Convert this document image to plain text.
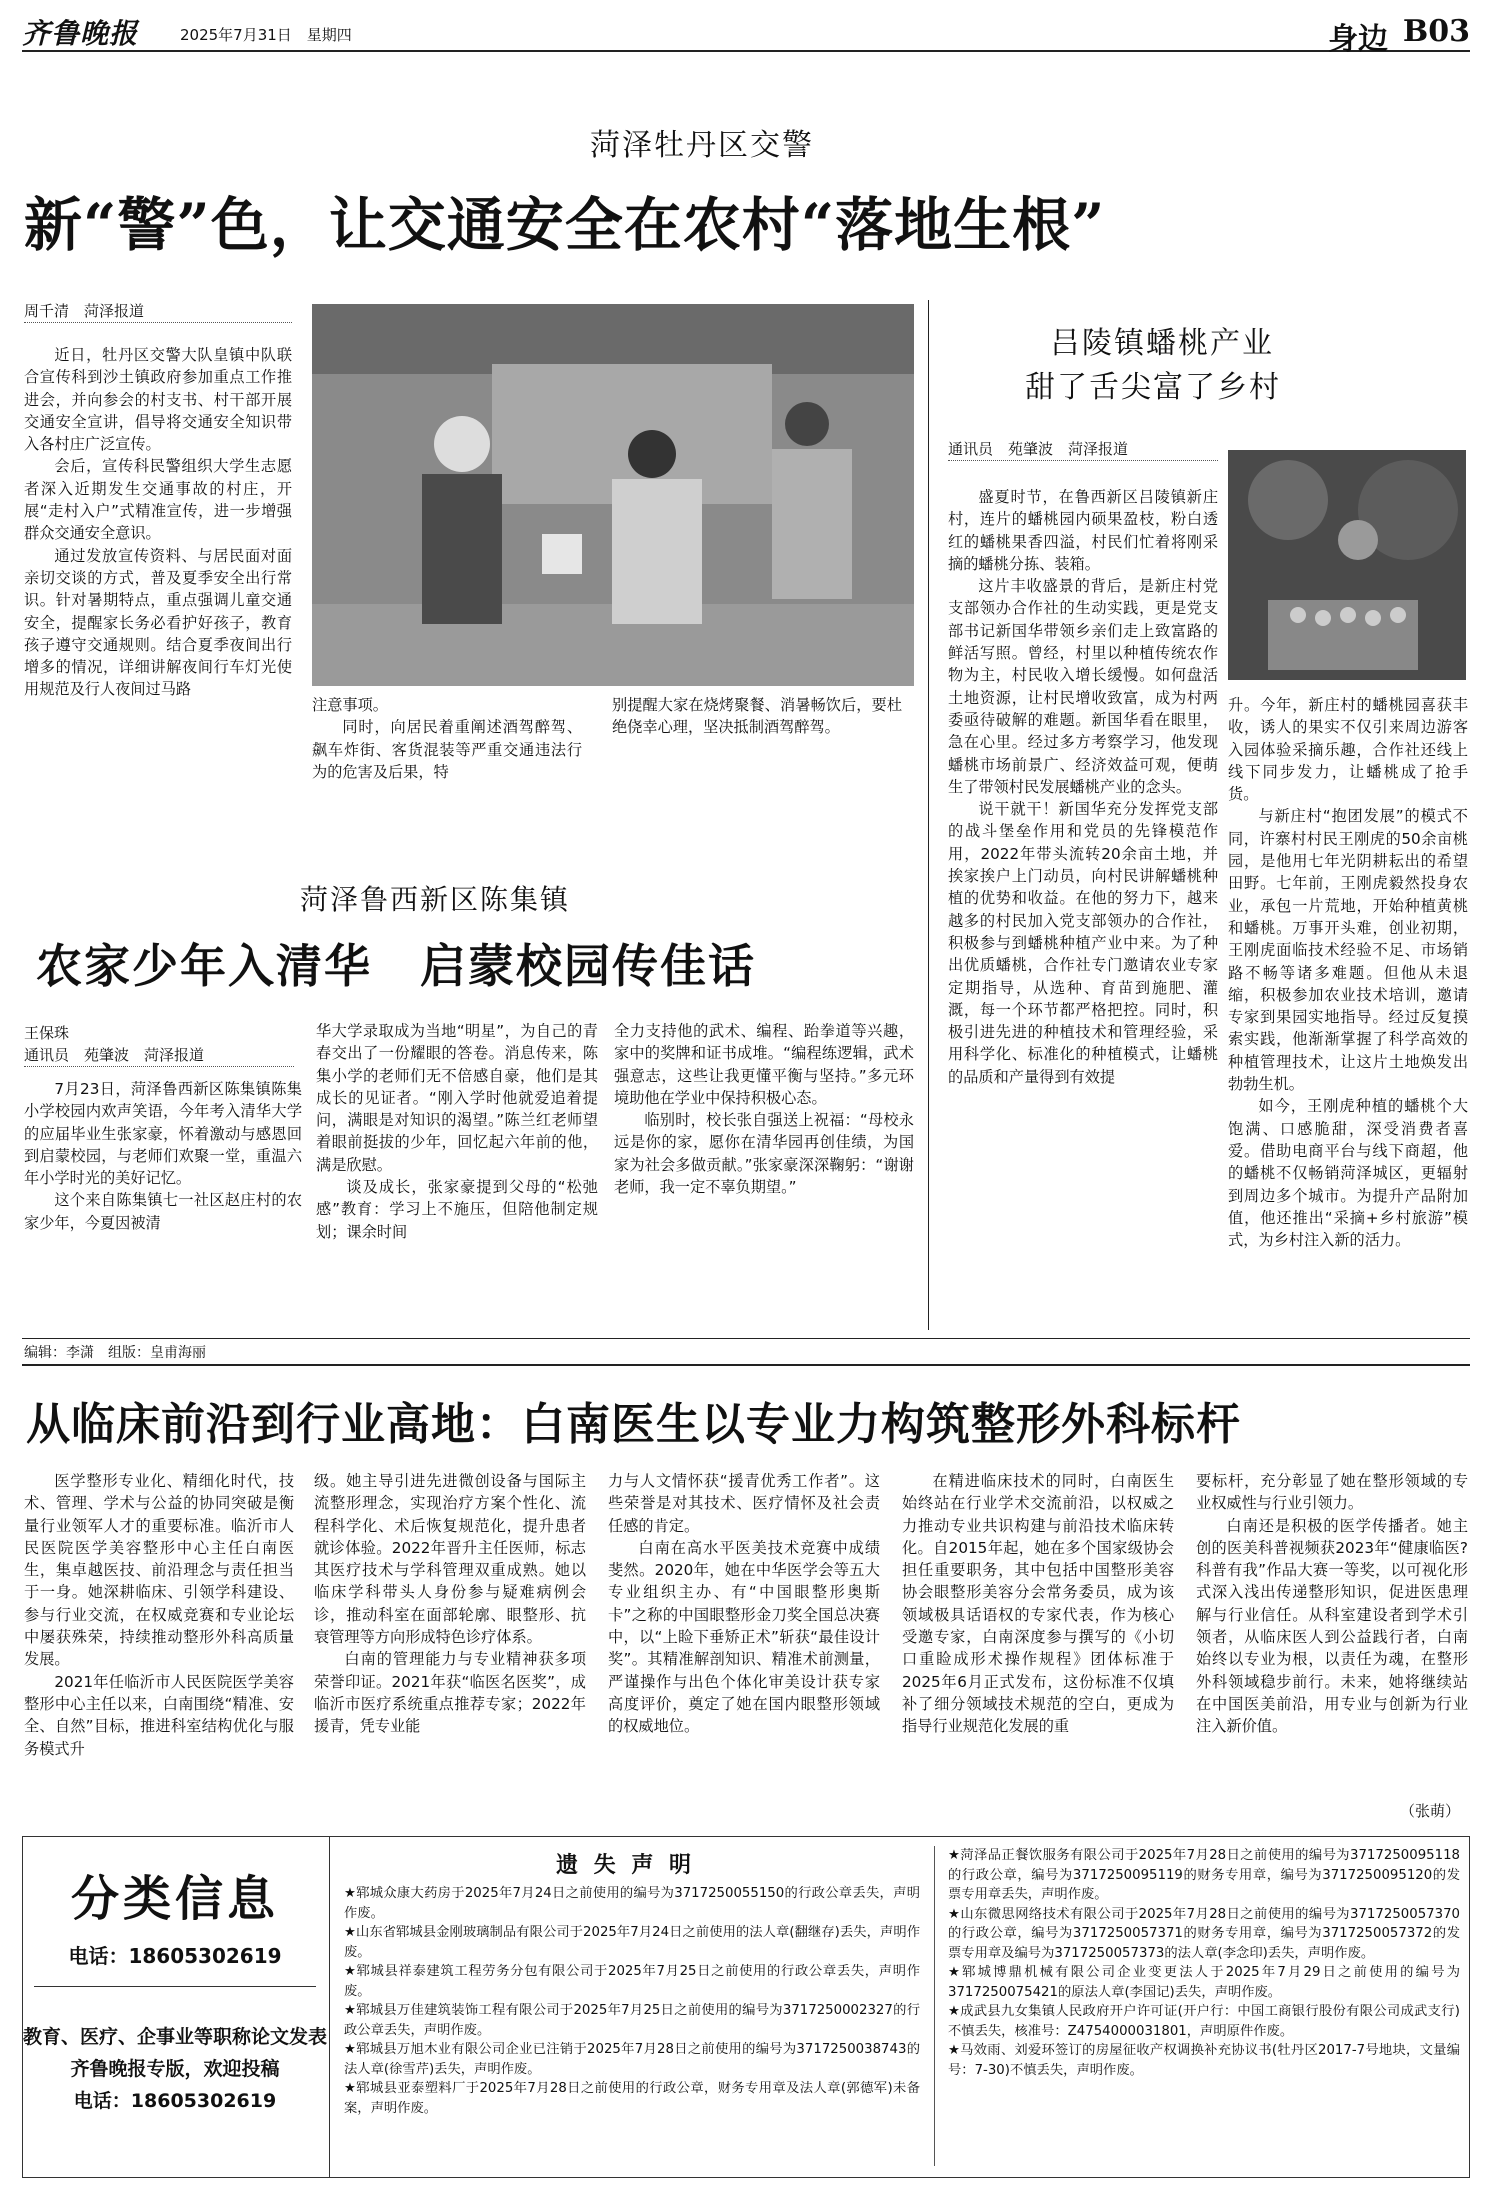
齐鲁晚报	2025年7月31日　星期四	身边 B03
菏泽牡丹区交警
新“警”色，让交通安全在农村“落地生根”
周千清　菏泽报道

近日，牡丹区交警大队皇镇中队联合宣传科到沙土镇政府参加重点工作推进会，并向参会的村支书、村干部开展交通安全宣讲，倡导将交通安全知识带入各村庄广泛宣传。

会后，宣传科民警组织大学生志愿者深入近期发生交通事故的村庄，开展“走村入户”式精准宣传，进一步增强群众交通安全意识。

通过发放宣传资料、与居民面对面亲切交谈的方式，普及夏季安全出行常识。针对暑期特点，重点强调儿童交通安全，提醒家长务必看护好孩子，教育孩子遵守交通规则。结合夏季夜间出行增多的情况，详细讲解夜间行车灯光使用规范及行人夜间过马路

注意事项。

同时，向居民着重阐述酒驾醉驾、飙车炸街、客货混装等严重交通违法行为的危害及后果，特

别提醒大家在烧烤聚餐、消暑畅饮后，要杜绝侥幸心理，坚决抵制酒驾醉驾。

吕陵镇蟠桃产业
甜了舌尖富了乡村
通讯员　苑肇波　菏泽报道

盛夏时节，在鲁西新区吕陵镇新庄村，连片的蟠桃园内硕果盈枝，粉白透红的蟠桃果香四溢，村民们忙着将刚采摘的蟠桃分拣、装箱。

这片丰收盛景的背后，是新庄村党支部领办合作社的生动实践，更是党支部书记新国华带领乡亲们走上致富路的鲜活写照。曾经，村里以种植传统农作物为主，村民收入增长缓慢。如何盘活土地资源，让村民增收致富，成为村两委亟待破解的难题。新国华看在眼里，急在心里。经过多方考察学习，他发现蟠桃市场前景广、经济效益可观，便萌生了带领村民发展蟠桃产业的念头。

说干就干！新国华充分发挥党支部的战斗堡垒作用和党员的先锋模范作用，2022年带头流转20余亩土地，并挨家挨户上门动员，向村民讲解蟠桃种植的优势和收益。在他的努力下，越来越多的村民加入党支部领办的合作社，积极参与到蟠桃种植产业中来。为了种出优质蟠桃，合作社专门邀请农业专家定期指导，从选种、育苗到施肥、灌溉，每一个环节都严格把控。同时，积极引进先进的种植技术和管理经验，采用科学化、标准化的种植模式，让蟠桃的品质和产量得到有效提

升。今年，新庄村的蟠桃园喜获丰收，诱人的果实不仅引来周边游客入园体验采摘乐趣，合作社还线上线下同步发力，让蟠桃成了抢手货。

与新庄村“抱团发展”的模式不同，许寨村村民王刚虎的50余亩桃园，是他用七年光阴耕耘出的希望田野。七年前，王刚虎毅然投身农业，承包一片荒地，开始种植黄桃和蟠桃。万事开头难，创业初期，王刚虎面临技术经验不足、市场销路不畅等诸多难题。但他从未退缩，积极参加农业技术培训，邀请专家到果园实地指导。经过反复摸索实践，他渐渐掌握了科学高效的种植管理技术，让这片土地焕发出勃勃生机。

如今，王刚虎种植的蟠桃个大饱满、口感脆甜，深受消费者喜爱。借助电商平台与线下商超，他的蟠桃不仅畅销菏泽城区，更辐射到周边多个城市。为提升产品附加值，他还推出“采摘+乡村旅游”模式，为乡村注入新的活力。

菏泽鲁西新区陈集镇
农家少年入清华　启蒙校园传佳话
王保珠
通讯员　苑肇波　菏泽报道

7月23日，菏泽鲁西新区陈集镇陈集小学校园内欢声笑语，今年考入清华大学的应届毕业生张家豪，怀着激动与感恩回到启蒙校园，与老师们欢聚一堂，重温六年小学时光的美好记忆。

这个来自陈集镇七一社区赵庄村的农家少年，今夏因被清

华大学录取成为当地“明星”，为自己的青春交出了一份耀眼的答卷。消息传来，陈集小学的老师们无不倍感自豪，他们是其成长的见证者。“刚入学时他就爱追着提问，满眼是对知识的渴望。”陈兰红老师望着眼前挺拔的少年，回忆起六年前的他，满是欣慰。

谈及成长，张家豪提到父母的“松弛感”教育：学习上不施压，但陪他制定规划；课余时间

全力支持他的武术、编程、跆拳道等兴趣，家中的奖牌和证书成堆。“编程练逻辑，武术强意志，这些让我更懂平衡与坚持。”多元环境助他在学业中保持积极心态。

临别时，校长张自强送上祝福：“母校永远是你的家，愿你在清华园再创佳绩，为国家为社会多做贡献。”张家豪深深鞠躬：“谢谢老师，我一定不辜负期望。”

编辑：李潇　组版：皇甫海丽
从临床前沿到行业高地：白南医生以专业力构筑整形外科标杆

医学整形专业化、精细化时代，技术、管理、学术与公益的协同突破是衡量行业领军人才的重要标准。临沂市人民医院医学美容整形中心主任白南医生，集卓越医技、前沿理念与责任担当于一身。她深耕临床、引领学科建设、参与行业交流，在权威竞赛和专业论坛中屡获殊荣，持续推动整形外科高质量发展。

2021年任临沂市人民医院医学美容整形中心主任以来，白南围绕“精准、安全、自然”目标，推进科室结构优化与服务模式升

级。她主导引进先进微创设备与国际主流整形理念，实现治疗方案个性化、流程科学化、术后恢复规范化，提升患者就诊体验。2022年晋升主任医师，标志其医疗技术与学科管理双重成熟。她以临床学科带头人身份参与疑难病例会诊，推动科室在面部轮廓、眼整形、抗衰管理等方向形成特色诊疗体系。

白南的管理能力与专业精神获多项荣誉印证。2021年获“临医名医奖”，成临沂市医疗系统重点推荐专家；2022年援青，凭专业能

力与人文情怀获“援青优秀工作者”。这些荣誉是对其技术、医疗情怀及社会责任感的肯定。

白南在高水平医美技术竞赛中成绩斐然。2020年，她在中华医学会等五大专业组织主办、有“中国眼整形奥斯卡”之称的中国眼整形金刀奖全国总决赛中，以“上睑下垂矫正术”斩获“最佳设计奖”。其精准解剖知识、精准术前测量，严谨操作与出色个体化审美设计获专家高度评价，奠定了她在国内眼整形领域的权威地位。

在精进临床技术的同时，白南医生始终站在行业学术交流前沿，以权威之力推动专业共识构建与前沿技术临床转化。自2015年起，她在多个国家级协会担任重要职务，其中包括中国整形美容协会眼整形美容分会常务委员，成为该领域极具话语权的专家代表，作为核心受邀专家，白南深度参与撰写的《小切口重睑成形术操作规程》团体标准于2025年6月正式发布，这份标准不仅填补了细分领域技术规范的空白，更成为指导行业规范化发展的重

要标杆，充分彰显了她在整形领域的专业权威性与行业引领力。

白南还是积极的医学传播者。她主创的医美科普视频获2023年“健康临医?科普有我”作品大赛一等奖，以可视化形式深入浅出传递整形知识，促进医患理解与行业信任。从科室建设者到学术引领者，从临床医人到公益践行者，白南始终以专业为根，以责任为魂，在整形外科领域稳步前行。未来，她将继续站在中国医美前沿，用专业与创新为行业注入新价值。

（张萌）
分类信息
电话：18605302619
教育、医疗、企事业等职称论文发表
齐鲁晚报专版，欢迎投稿
电话：18605302619
遗 失 声 明
★郓城众康大药房于2025年7月24日之前使用的编号为3717250055150的行政公章丢失，声明作废。
★山东省郓城县金刚玻璃制品有限公司于2025年7月24日之前使用的法人章(翻继存)丢失，声明作废。
★郓城县祥泰建筑工程劳务分包有限公司于2025年7月25日之前使用的行政公章丢失，声明作废。
★郓城县万佳建筑装饰工程有限公司于2025年7月25日之前使用的编号为3717250002327的行政公章丢失，声明作废。
★郓城县万旭木业有限公司企业已注销于2025年7月28日之前使用的编号为3717250038743的法人章(徐雪芹)丢失，声明作废。
★郓城县亚泰塑料厂于2025年7月28日之前使用的行政公章，财务专用章及法人章(郭德军)未备案，声明作废。
★菏泽品正餐饮服务有限公司于2025年7月28日之前使用的编号为3717250095118的行政公章，编号为3717250095119的财务专用章，编号为3717250095120的发票专用章丢失，声明作废。
★山东微思网络技术有限公司于2025年7月28日之前使用的编号为3717250057370的行政公章，编号为3717250057371的财务专用章，编号为3717250057372的发票专用章及编号为3717250057373的法人章(李念印)丢失，声明作废。
★郓城博鼎机械有限公司企业变更法人于2025年7月29日之前使用的编号为3717250075421的原法人章(李国记)丢失，声明作废。
★成武县九女集镇人民政府开户许可证(开户行：中国工商银行股份有限公司成武支行)不慎丢失，核准号：Z4754000031801，声明原件作废。
★马效雨、刘爱环签订的房屋征收产权调换补充协议书(牡丹区2017-7号地块，文量编号：7-30)不慎丢失，声明作废。
